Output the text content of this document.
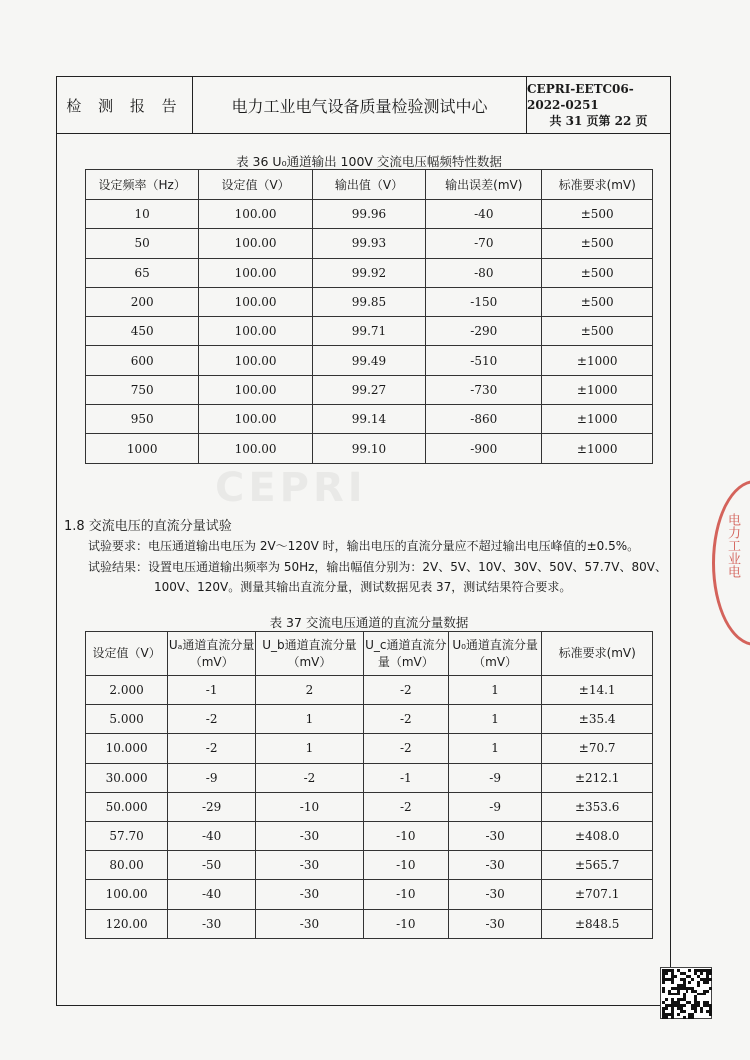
检 测 报 告	电力工业电气设备质量检验测试中心
CEPRI-EETC06-2022-0251
共 31 页第 22 页
CEPRI
表 36 U₀通道输出 100V 交流电压幅频特性数据
设定频率（Hz）	设定值（V）	输出值（V）	输出误差(mV)	标准要求(mV)
10	100.00	99.96	-40	±500
50	100.00	99.93	-70	±500
65	100.00	99.92	-80	±500
200	100.00	99.85	-150	±500
450	100.00	99.71	-290	±500
600	100.00	99.49	-510	±1000
750	100.00	99.27	-730	±1000
950	100.00	99.14	-860	±1000
1000	100.00	99.10	-900	±1000
1.8 交流电压的直流分量试验
试验要求：电压通道输出电压为 2V～120V 时，输出电压的直流分量应不超过输出电压峰值的±0.5%。
试验结果：设置电压通道输出频率为 50Hz，输出幅值分别为：2V、5V、10V、30V、50V、57.7V、80V、
100V、120V。测量其输出直流分量，测试数据见表 37，测试结果符合要求。
表 37 交流电压通道的直流分量数据
设定值（V）	Uₐ通道直流分量（mV）	U_b通道直流分量（mV）	U_c通道直流分量（mV）	U₀通道直流分量（mV）	标准要求(mV)
2.000	-1	2	-2	1	±14.1
5.000	-2	1	-2	1	±35.4
10.000	-2	1	-2	1	±70.7
30.000	-9	-2	-1	-9	±212.1
50.000	-29	-10	-2	-9	±353.6
57.70	-40	-30	-10	-30	±408.0
80.00	-50	-30	-10	-30	±565.7
100.00	-40	-30	-10	-30	±707.1
120.00	-30	-30	-10	-30	±848.5
电力工业电
